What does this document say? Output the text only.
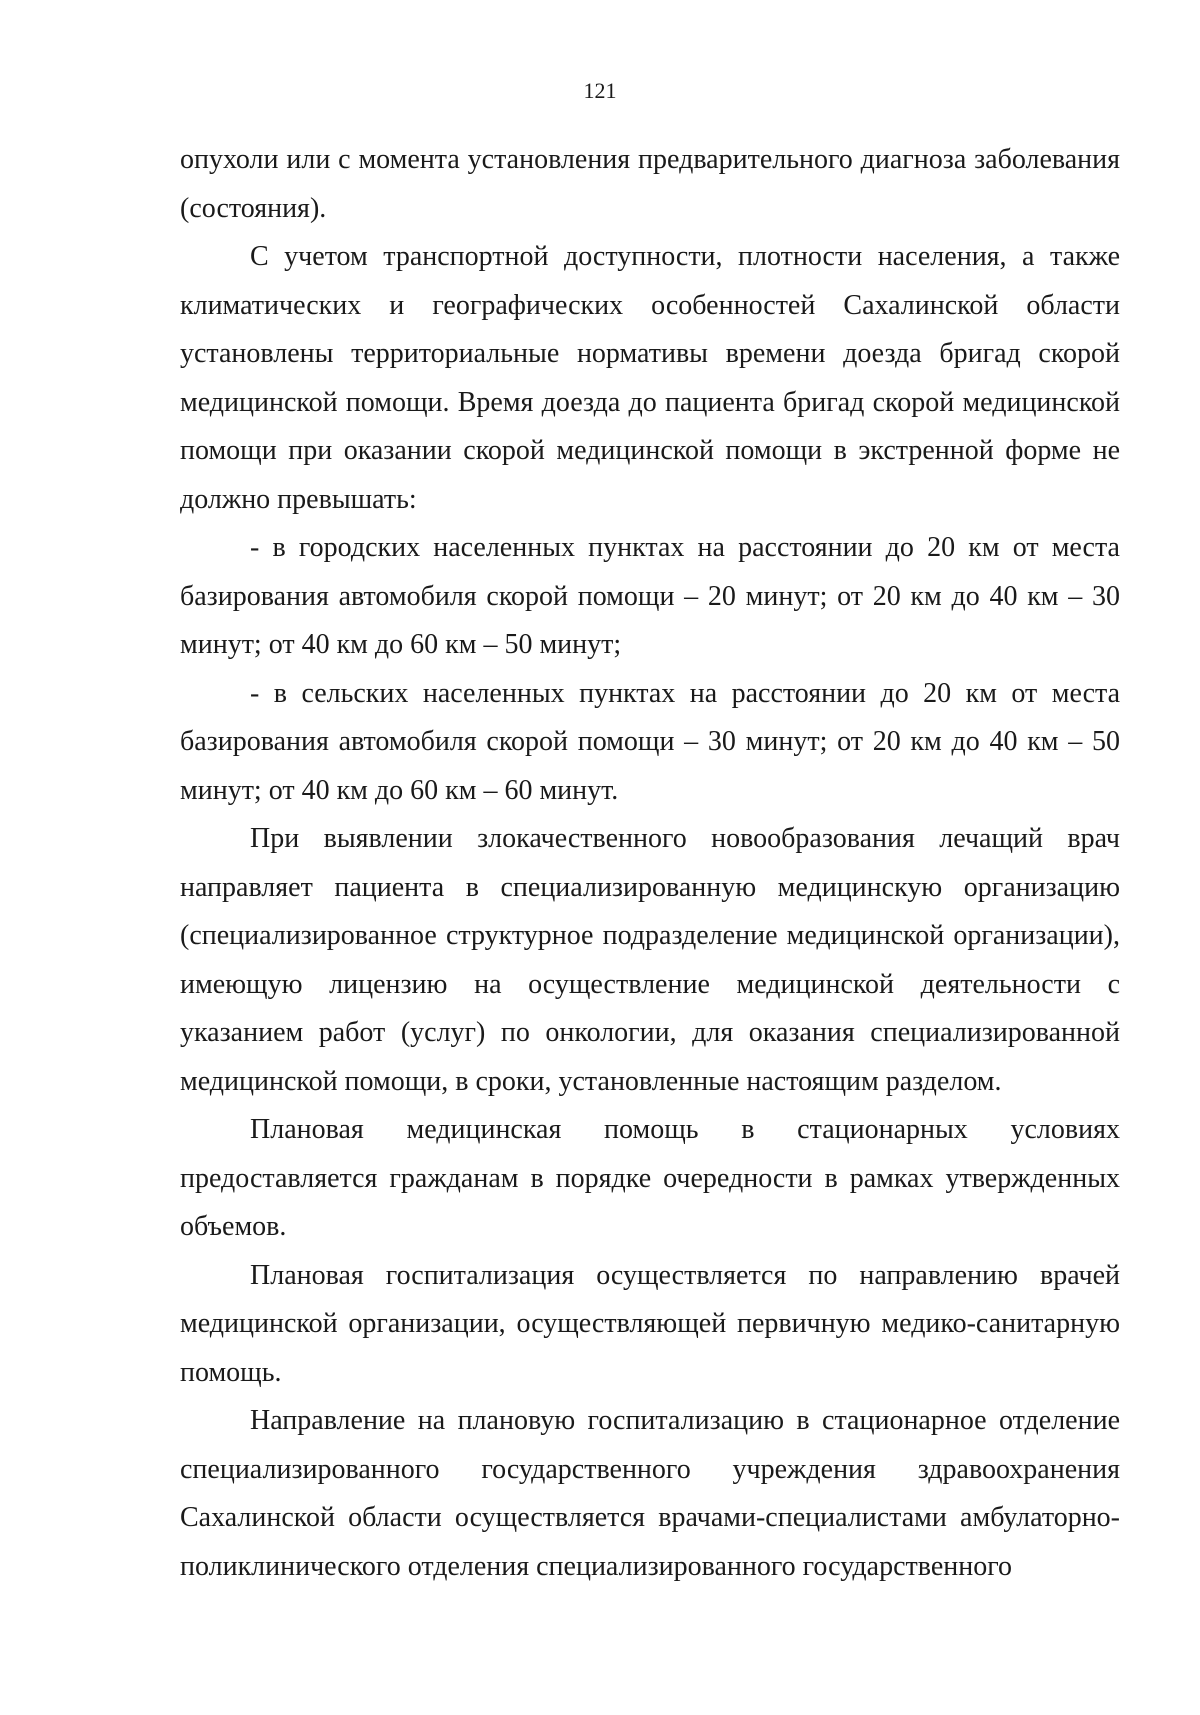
121

опухоли или с момента установления предварительного диагноза заболевания (состояния).

С учетом транспортной доступности, плотности населения, а также климатических и географических особенностей Сахалинской области установлены территориальные нормативы времени доезда бригад скорой медицинской помощи. Время доезда до пациента бригад скорой медицинской помощи при оказании скорой медицинской помощи в экстренной форме не должно превышать:

- в городских населенных пунктах на расстоянии до 20 км от места базирования автомобиля скорой помощи – 20 минут; от 20 км до 40 км – 30 минут; от 40 км до 60 км – 50 минут;

- в сельских населенных пунктах на расстоянии до 20 км от места базирования автомобиля скорой помощи – 30 минут; от 20 км до 40 км – 50 минут; от 40 км до 60 км – 60 минут.

При выявлении злокачественного новообразования лечащий врач направляет пациента в специализированную медицинскую организацию (специализированное структурное подразделение медицинской организации), имеющую лицензию на осуществление медицинской деятельности с указанием работ (услуг) по онкологии, для оказания специализированной медицинской помощи, в сроки, установленные настоящим разделом.

Плановая медицинская помощь в стационарных условиях предоставляется гражданам в порядке очередности в рамках утвержденных объемов.

Плановая госпитализация осуществляется по направлению врачей медицинской организации, осуществляющей первичную медико-санитарную помощь.

Направление на плановую госпитализацию в стационарное отделение специализированного государственного учреждения здравоохранения Сахалинской области осуществляется врачами-специалистами амбулаторно-поликлинического отделения специализированного государственного
